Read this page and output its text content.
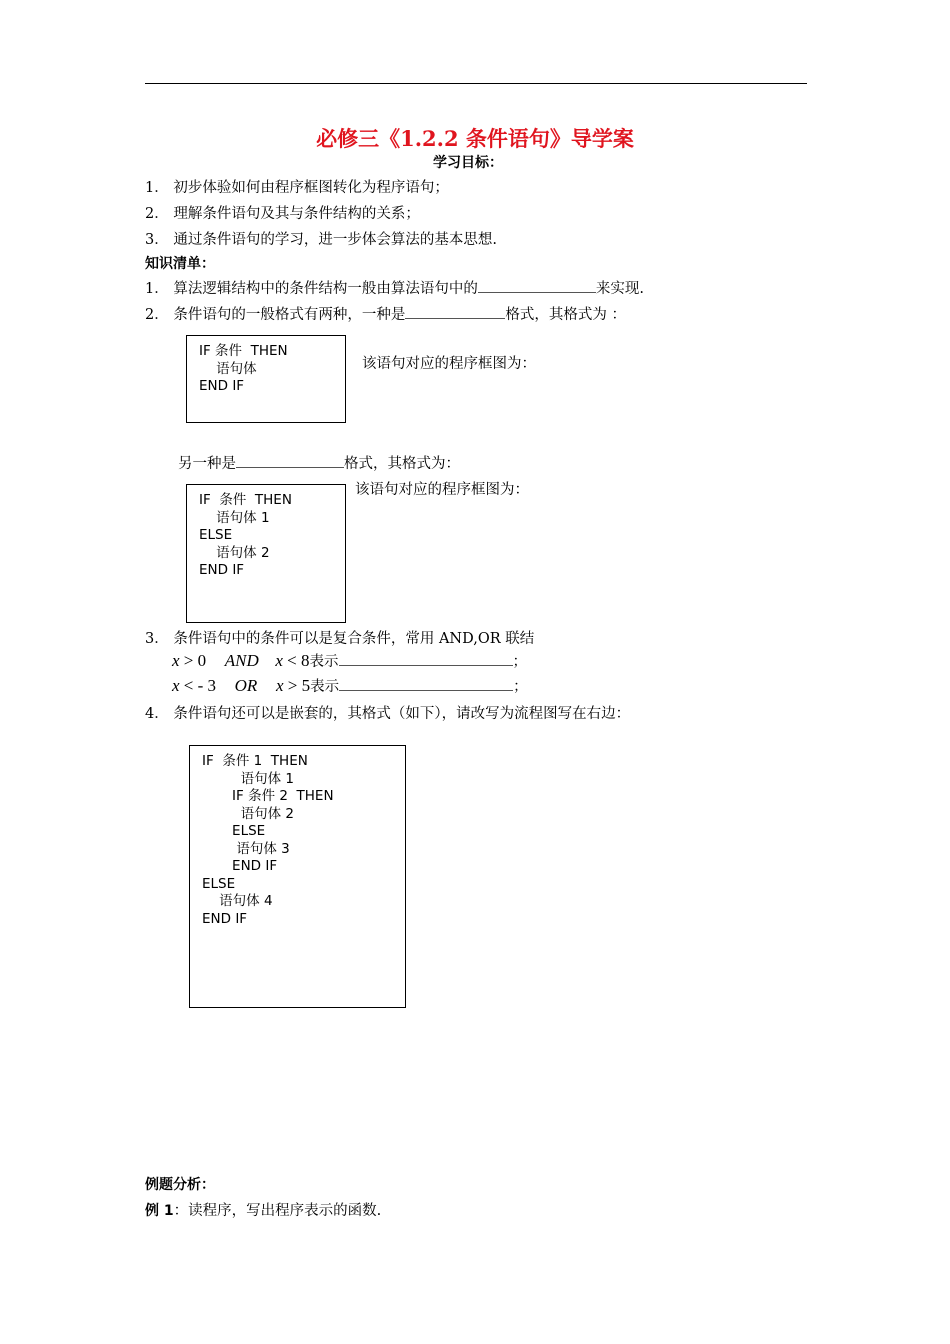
必修三《1.2.2 条件语句》导学案
学习目标：
1． 初步体验如何由程序框图转化为程序语句；
2． 理解条件语句及其与条件结构的关系；
3． 通过条件语句的学习，进一步体会算法的基本思想.
知识清单：
1． 算法逻辑结构中的条件结构一般由算法语句中的	来实现.
2． 条件语句的一般格式有两种，一种是	格式，其格式为 ：
IF 条件  THEN
语句体
END IF
该语句对应的程序框图为：
另一种是	格式，其格式为：
该语句对应的程序框图为：
IF  条件  THEN
语句体 1
ELSE
语句体 2
END IF
3． 条件语句中的条件可以是复合条件，常用 AND,OR 联结
x > 0 AND x < 8表示	；
x < - 3 OR x > 5表示	；
4． 条件语句还可以是嵌套的，其格式（如下），请改写为流程图写在右边：
IF  条件 1  THEN
语句体 1
IF 条件 2  THEN
语句体 2
ELSE
语句体 3
END IF
ELSE
语句体 4
END IF
例题分析：
例 1：读程序，写出程序表示的函数.
